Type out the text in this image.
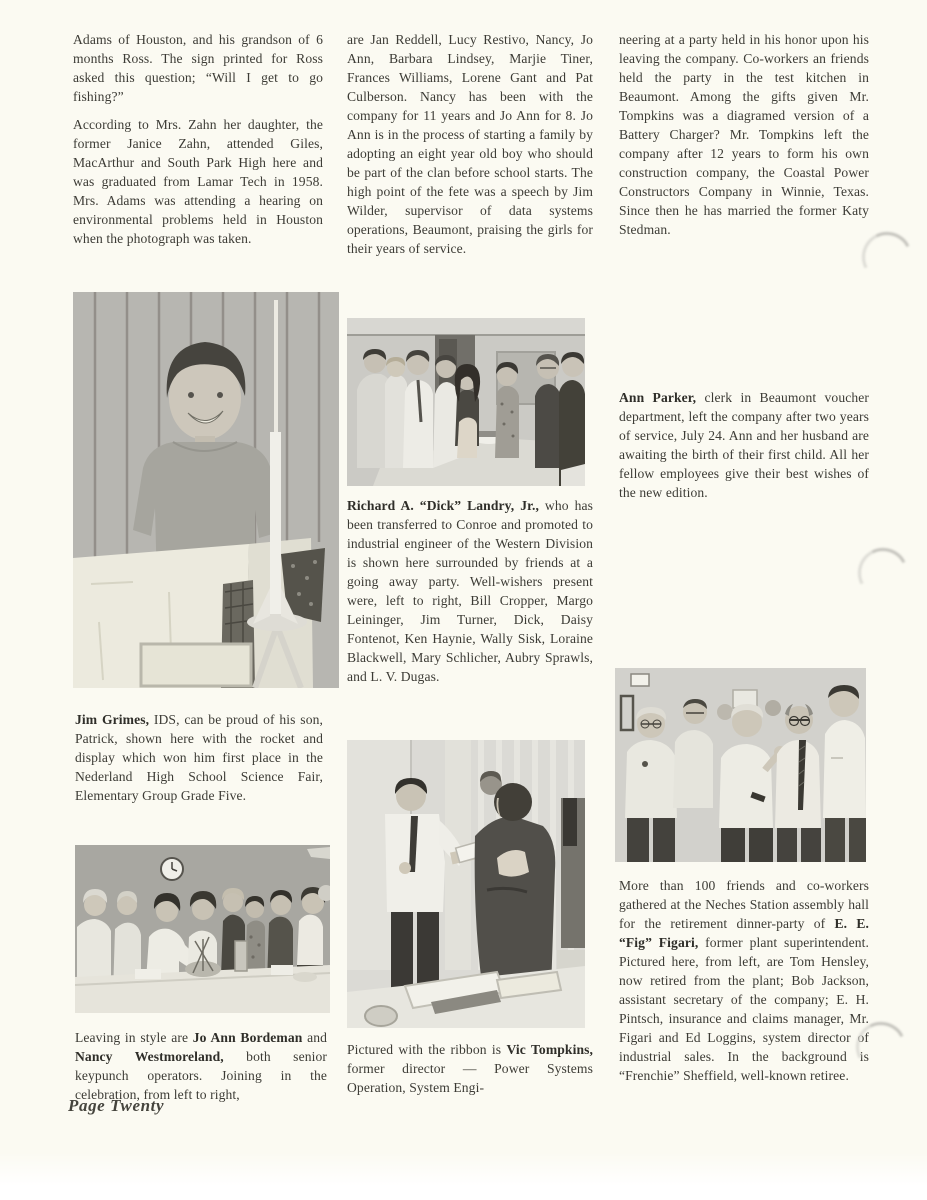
Adams of Houston, and his grandson of 6 months Ross. The sign printed for Ross asked this question; “Will I get to go fishing?”

According to Mrs. Zahn her daughter, the former Janice Zahn, attended Giles, MacArthur and South Park High here and was graduated from Lamar Tech in 1958. Mrs. Adams was attending a hearing on environmental problems held in Houston when the photograph was taken.

are Jan Reddell, Lucy Restivo, Nancy, Jo Ann, Barbara Lindsey, Marjie Tiner, Frances Williams, Lorene Gant and Pat Culberson. Nancy has been with the company for 11 years and Jo Ann for 8. Jo Ann is in the process of starting a family by adopting an eight year old boy who should be part of the clan before school starts. The high point of the fete was a speech by Jim Wilder, supervisor of data systems operations, Beaumont, praising the girls for their years of service.

neering at a party held in his honor upon his leaving the company. Co-workers an friends held the party in the test kitchen in Beaumont. Among the gifts given Mr. Tompkins was a diagramed version of a Battery Charger? Mr. Tompkins left the company after 12 years to form his own construction company, the Coastal Power Constructors Company in Winnie, Texas. Since then he has married the former Katy Stedman.

Jim Grimes, IDS, can be proud of his son, Patrick, shown here with the rocket and display which won him first place in the Nederland High School Science Fair, Elementary Group Grade Five.

Leaving in style are Jo Ann Bordeman and Nancy Westmoreland, both senior keypunch operators. Joining in the celebration, from left to right,

Page Twenty

Richard A. “Dick” Landry, Jr., who has been transferred to Conroe and promoted to industrial engineer of the Western Division is shown here surrounded by friends at a going away party. Well-wishers present were, left to right, Bill Cropper, Margo Leininger, Jim Turner, Dick, Daisy Fontenot, Ken Haynie, Wally Sisk, Loraine Blackwell, Mary Schlicher, Aubry Sprawls, and L. V. Dugas.

Pictured with the ribbon is Vic Tompkins, former director — Power Systems Operation, System Engi-

Ann Parker, clerk in Beaumont voucher department, left the company after two years of service, July 24. Ann and her husband are awaiting the birth of their first child. All her fellow employees give their best wishes of the new edition.

More than 100 friends and co-workers gathered at the Neches Station assembly hall for the retirement dinner-party of E. E. “Fig” Figari, former plant superintendent. Pictured here, from left, are Tom Hensley, now retired from the plant; Bob Jackson, assistant secretary of the company; E. H. Pintsch, insurance and claims manager, Mr. Figari and Ed Loggins, system director of industrial sales. In the background is “Frenchie” Sheffield, well-known retiree.
